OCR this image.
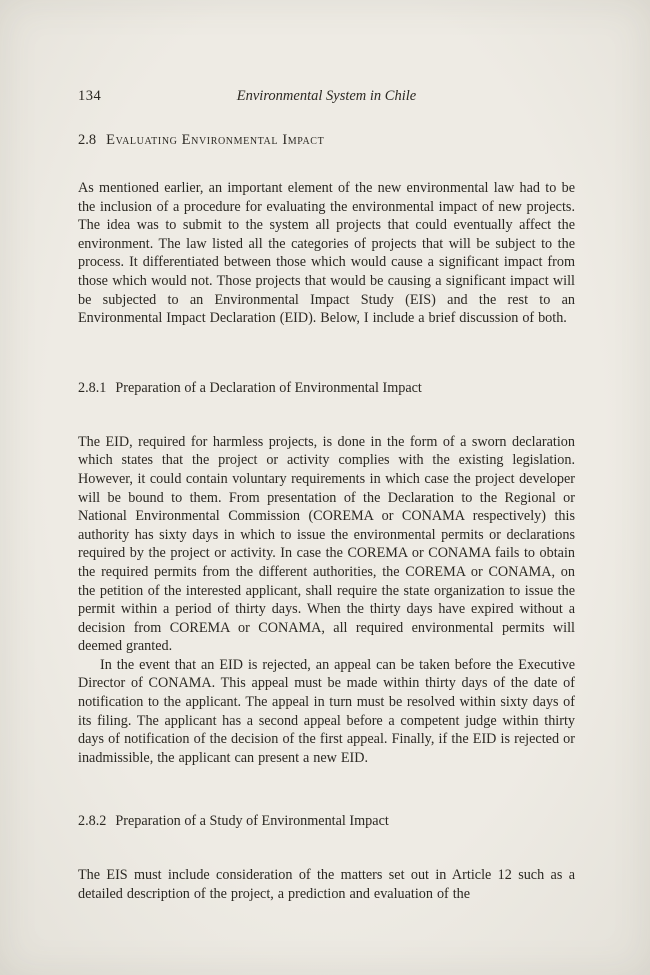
134	Environmental System in Chile
2.8 Evaluating Environmental Impact

As mentioned earlier, an important element of the new environmental law had to be the inclusion of a procedure for evaluating the environmental impact of new projects. The idea was to submit to the system all projects that could eventually affect the environment. The law listed all the categories of projects that will be subject to the process. It differentiated between those which would cause a significant impact from those which would not. Those projects that would be causing a significant impact will be subjected to an Environmental Impact Study (EIS) and the rest to an Environmental Impact Declaration (EID). Below, I include a brief discussion of both.

2.8.1 Preparation of a Declaration of Environmental Impact

The EID, required for harmless projects, is done in the form of a sworn declaration which states that the project or activity complies with the existing legislation. However, it could contain voluntary requirements in which case the project developer will be bound to them. From presentation of the Declaration to the Regional or National Environmental Commission (COREMA or CONAMA respectively) this authority has sixty days in which to issue the environmental permits or declarations required by the project or activity. In case the COREMA or CONAMA fails to obtain the required permits from the different authorities, the COREMA or CONAMA, on the petition of the interested applicant, shall require the state organization to issue the permit within a period of thirty days. When the thirty days have expired without a decision from COREMA or CONAMA, all required environmental permits will deemed granted.

In the event that an EID is rejected, an appeal can be taken before the Executive Director of CONAMA. This appeal must be made within thirty days of the date of notification to the applicant. The appeal in turn must be resolved within sixty days of its filing. The applicant has a second appeal before a competent judge within thirty days of notification of the decision of the first appeal. Finally, if the EID is rejected or inadmissible, the applicant can present a new EID.

2.8.2 Preparation of a Study of Environmental Impact

The EIS must include consideration of the matters set out in Article 12 such as a detailed description of the project, a prediction and evaluation of the
